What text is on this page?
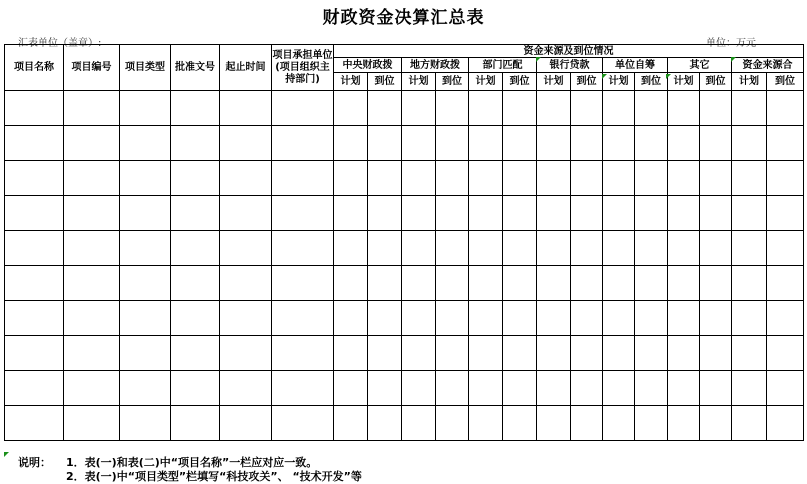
财政资金决算汇总表
汇表单位（盖章）:	单位：万元
项目名称	项目编号	项目类型	批准文号	起止时间	项目承担单位(项目组织主持部门)	资金来源及到位情况													
						中央财政拨		地方财政拨		部门匹配		银行贷款		单位自筹		其它		资金来源合	
						计划	到位	计划	到位	计划	到位	计划	到位	计划	到位	计划	到位	计划	到位

说明： 1．表(一)和表(二)中“项目名称”一栏应对应一致。
2．表(一)中“项目类型”栏填写“科技攻关”、 “技术开发”等
